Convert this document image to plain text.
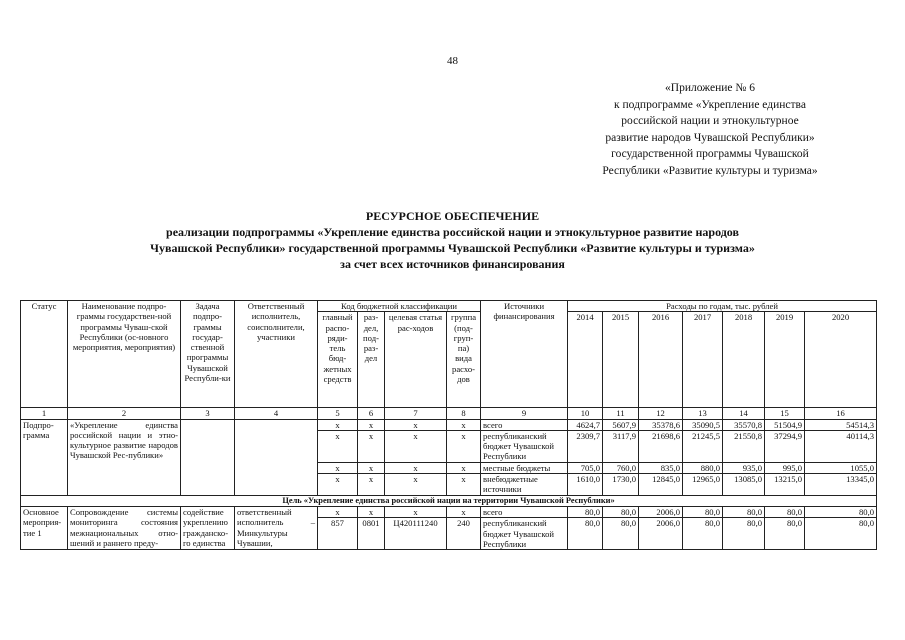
48
«Приложение № 6
к подпрограмме «Укрепление единства
российской нации и этнокультурное
развитие народов Чувашской Республики»
государственной программы Чувашской
Республики «Развитие культуры и туризма»
РЕСУРСНОЕ ОБЕСПЕЧЕНИЕ
реализации подпрограммы «Укрепление единства российской нации и этнокультурное развитие народов
Чувашской Республики» государственной программы Чувашской Республики «Развитие культуры и туризма»
за счет всех источников финансирования
Статус	Наименование подпро-граммы государствен-ной программы Чуваш-ской Республики (ос-новного мероприятия, мероприятия)	Задача подпро-граммы государ-ственной программы Чувашской Республи-ки	Ответственный исполнитель, соисполнители, участники	Код бюджетной классификации				Источники финансирования	Расходы по годам, тыс. рублей						
				главный распо-ряди-тель бюд-жетных средств	раз-дел, под-раз-дел	целевая статья рас-ходов	группа (под-груп-па) вида расхо-дов		2014	2015	2016	2017	2018	2019	2020
1	2	3	4	5	6	7	8	9	10	11	12	13	14	15	16
Подпро-грамма	«Укрепление единства российской нации и этно-культурное развитие народов Чувашской Рес-публики»			x	x	x	x	всего	4624,7	5607,9	35378,6	35090,5	35570,8	51504,9	54514,3
				x	x	x	x	республиканский бюджет Чувашской Республики	2309,7	3117,9	21698,6	21245,5	21550,8	37294,9	40114,3
				x	x	x	x	местные бюджеты	705,0	760,0	835,0	880,0	935,0	995,0	1055,0
				x	x	x	x	внебюджетные источники	1610,0	1730,0	12845,0	12965,0	13085,0	13215,0	13345,0
Цель «Укрепление единства российской нации на территории Чувашской Республики»															
Основное мероприя-тие 1	Сопровождение системы мониторинга состояния межнациональных отно-шений и раннего преду-	содействие укреплению гражданско-го единства	ответственный исполнитель – Минкультуры Чувашии,	x	x	x	x	всего	80,0	80,0	2006,0	80,0	80,0	80,0	80,0
				857	0801	Ц420111240	240	республиканский бюджет Чувашской Республики	80,0	80,0	2006,0	80,0	80,0	80,0	80,0
